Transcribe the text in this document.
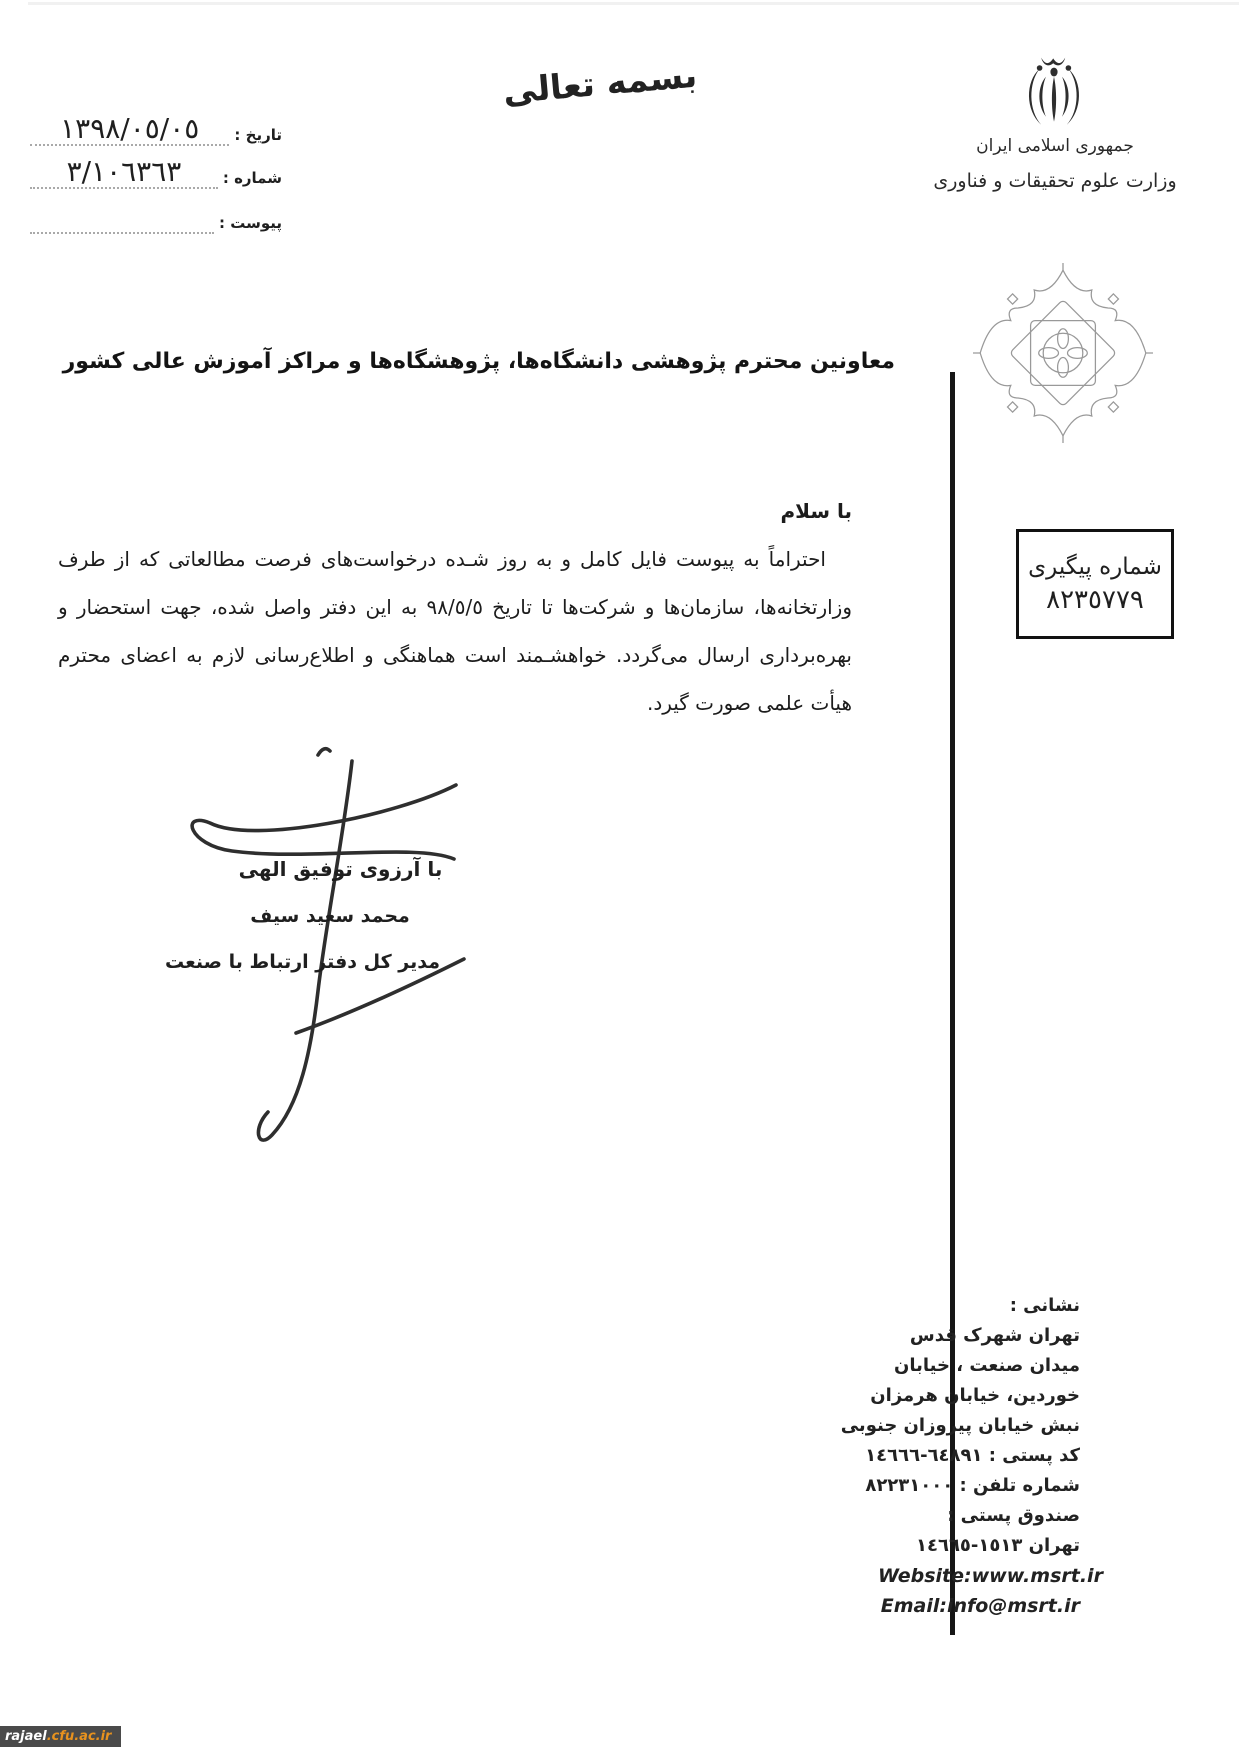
بسمه تعالی
جمهوری اسلامی ایران
وزارت علوم تحقیقات و فناوری
تاریخ :
١٣٩٨/٠٥/٠٥
شماره :
٣/١٠٦٣٦٣
پیوست :
معاونین محترم پژوهشی دانشگاه‌ها، پژوهشگاه‌ها و مراکز آموزش عالی کشور
با سلام

احتراماً به پیوست فایل کامل و به روز شـده درخواست‌های فرصت مطالعاتی که از طرف وزارتخانه‌ها، سازمان‌ها و شرکت‌ها تا تاریخ ٩٨/٥/٥ به این دفتر واصل شده، جهت استحضار و بهره‌برداری ارسال می‌گردد. خواهشـمند است هماهنگی و اطلاع‌رسانی لازم به اعضای محترم هیأت علمی صورت گیرد.

شماره پیگیری
٨٢٣٥٧٧٩
با آرزوی توفیق الهی
محمد سعید سیف
مدیر کل دفتر ارتباط با صنعت
نشانی :
تهران شهرک قدس
میدان صنعت ، خیابان
خوردین، خیابان هرمزان
نبش خیابان پیروزان جنوبی
کد پستی : ٦٤٨٩١-١٤٦٦٦
شماره تلفن : ٨٢٢٣١٠٠٠
صندوق پستی :
تهران ١٥١٣-١٤٦٦٥
Website:www.msrt.ir
Email:info@msrt.ir
rajael .cfu.ac.ir
